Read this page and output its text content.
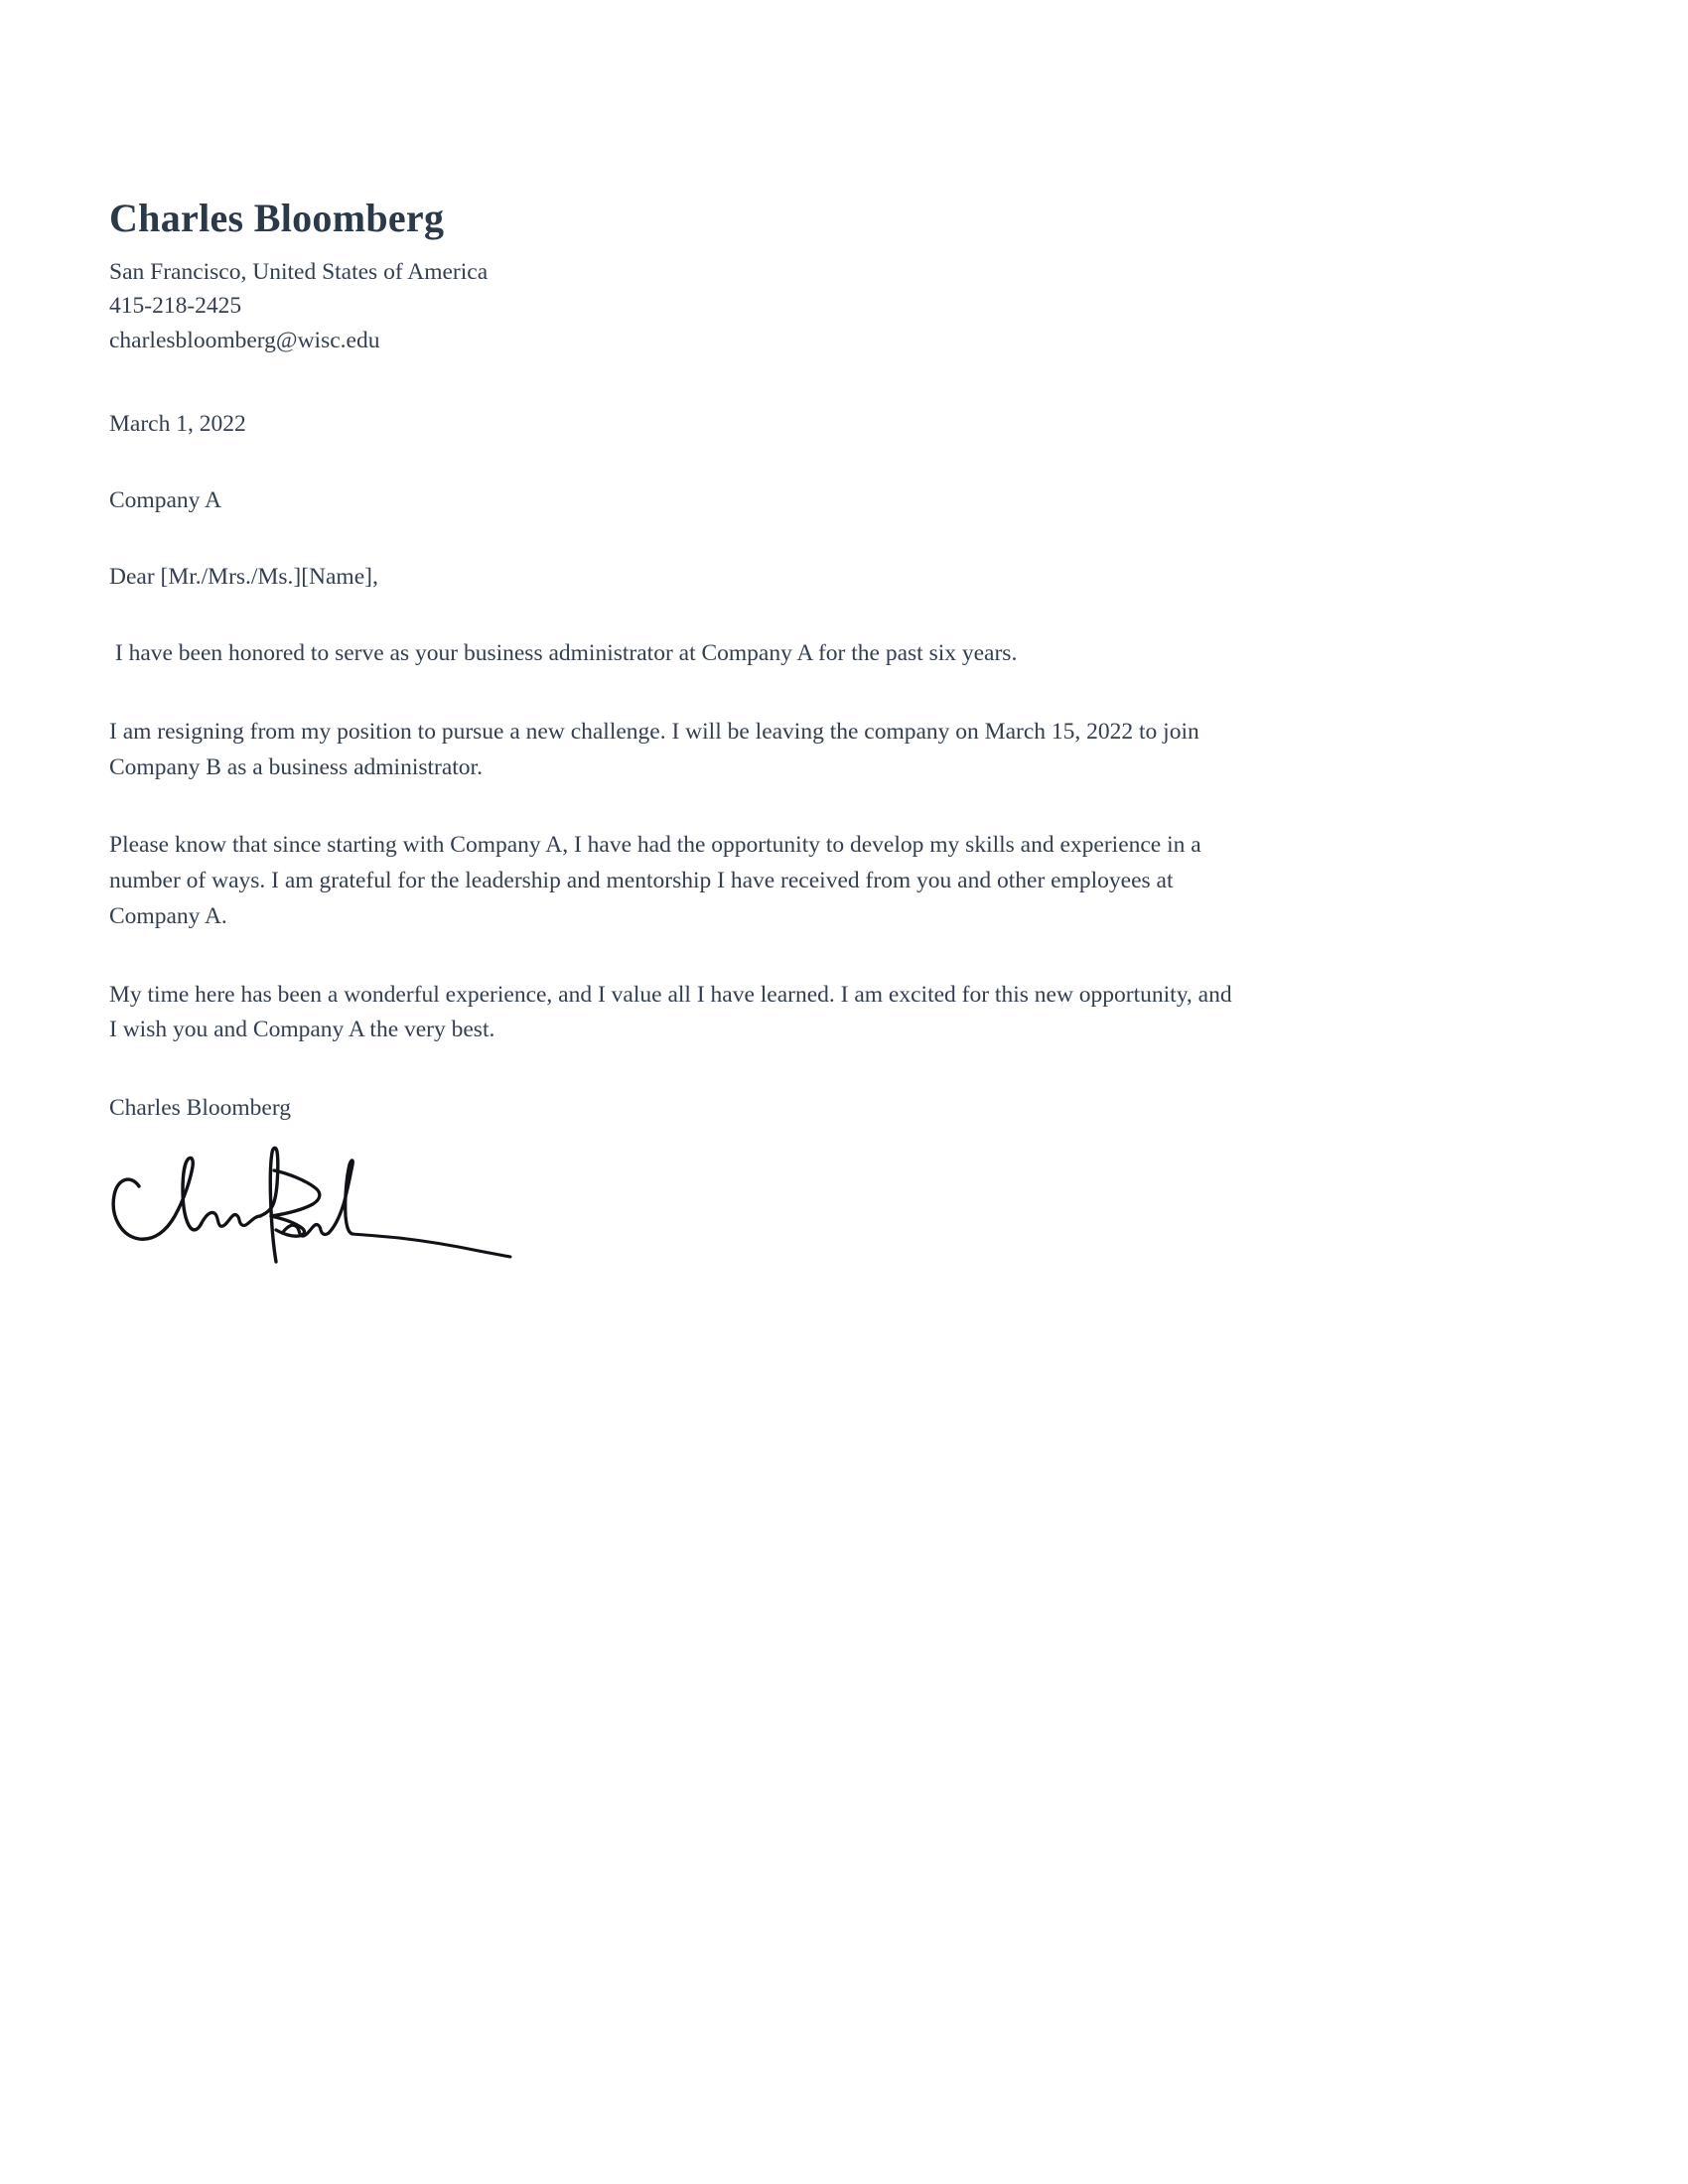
Charles Bloomberg

San Francisco, United States of America

415-218-2425

charlesbloomberg@wisc.edu

March 1, 2022

Company A

Dear [Mr./Mrs./Ms.][Name],

I have been honored to serve as your business administrator at Company A for the past six years.

I am resigning from my position to pursue a new challenge. I will be leaving the company on March 15, 2022 to join Company B as a business administrator.

Please know that since starting with Company A, I have had the opportunity to develop my skills and experience in a number of ways. I am grateful for the leadership and mentorship I have received from you and other employees at Company A.

My time here has been a wonderful experience, and I value all I have learned. I am excited for this new opportunity, and I wish you and Company A the very best.

Charles Bloomberg
